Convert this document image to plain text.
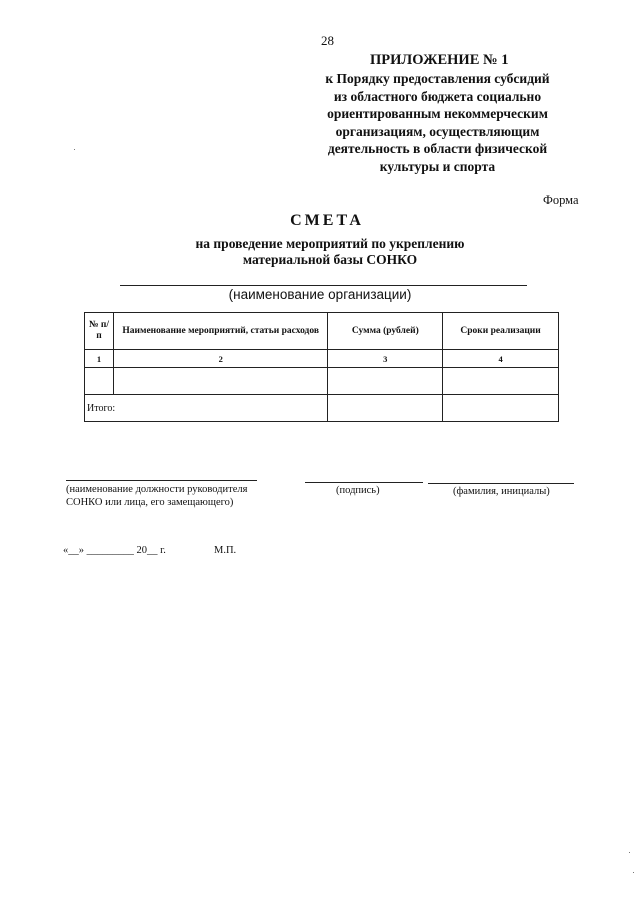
28
ПРИЛОЖЕНИЕ № 1
к Порядку предоставления субсидий
из областного бюджета социально
ориентированным некоммерческим
организациям, осуществляющим
деятельность в области физической
культуры и спорта
Форма
СМЕТА
на проведение мероприятий по укреплению
материальной базы СОНКО
(наименование организации)
№ п/п	Наименование мероприятий, статьи расходов	Сумма (рублей)	Сроки реализации
1	2	3	4

Итого:			
(наименование должности руководителя
СОНКО или лица, его замещающего)
(подпись)	(фамилия, инициалы)
«__» _________ 20__ г.	М.П.
